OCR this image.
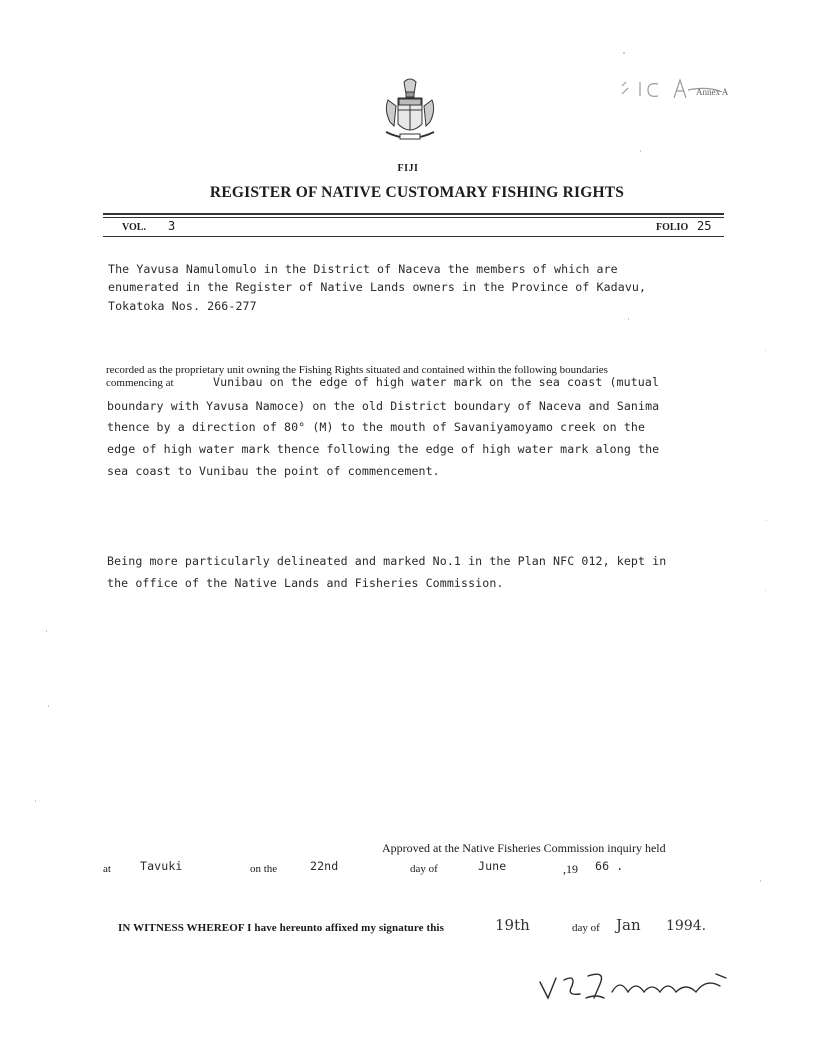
Annex A
FIJI
REGISTER OF NATIVE CUSTOMARY FISHING RIGHTS
VOL. 3	FOLIO 25
The Yavusa Namulomulo in the District of Naceva the members of which are
enumerated in the Register of Native Lands owners in the Province of Kadavu,
Tokatoka Nos. 266-277
recorded as the proprietary unit owning the Fishing Rights situated and contained within the following boundaries
commencing at	Vunibau on the edge of high water mark on the sea coast (mutual
boundary with Yavusa Namoce) on the old District boundary of Naceva and Sanima
thence by a direction of 80° (M) to the mouth of Savaniyamoyamo creek on the
edge of high water mark thence following the edge of high water mark along the
sea coast to Vunibau the point of commencement.
Being more particularly delineated and marked No.1 in the Plan NFC 012, kept in
the office of the Native Lands and Fisheries Commission.
Approved at the Native Fisheries Commission inquiry held
at	Tavuki	on the	22nd	day of	June	,19 66 .
IN WITNESS WHEREOF I have hereunto affixed my signature this	19th	day of Jan 1994.
